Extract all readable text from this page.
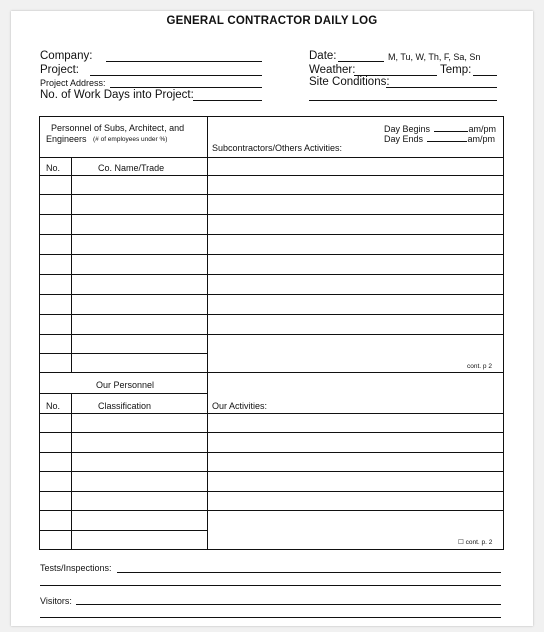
GENERAL CONTRACTOR DAILY LOG
Company:
Project:
Project Address:
No. of Work Days into Project:
Date:	M, Tu, W, Th, F, Sa, Sn
Weather:	Temp:
Site Conditions:
Personnel of Subs, Architect, and
Engineers (# of employees under %)
Subcontractors/Others Activities:
Day Begins	am/pm
Day Ends	am/pm
No.	Co. Name/Trade
cont. p 2
Our Personnel
No.	Classification	Our Activities:
☐ cont. p. 2
Tests/Inspections:
Visitors:
